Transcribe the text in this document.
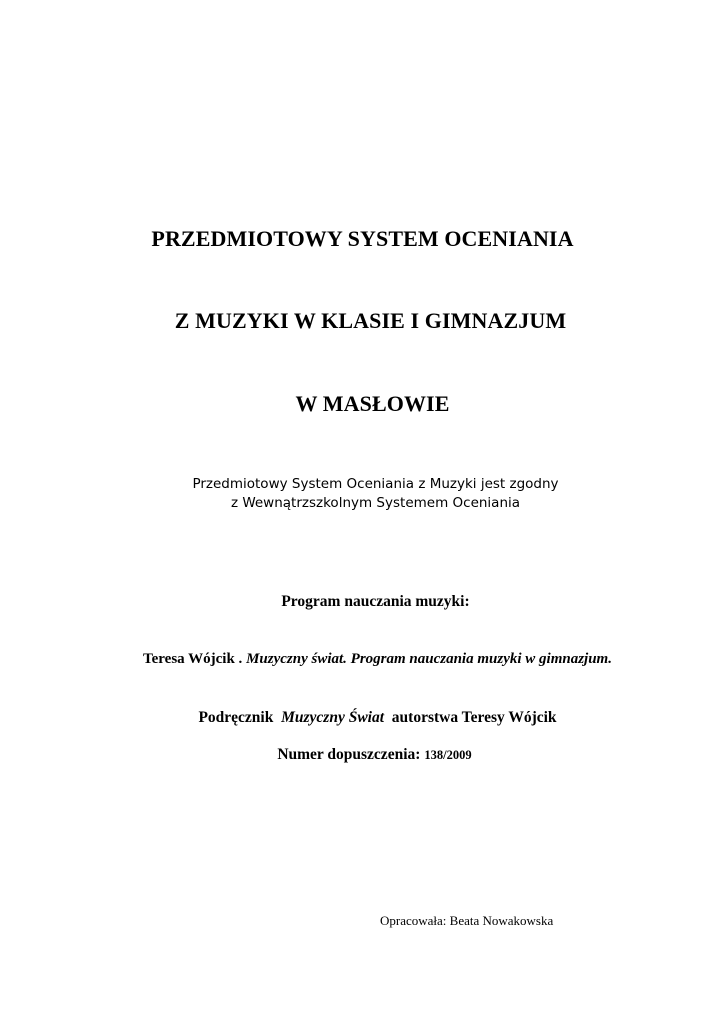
PRZEDMIOTOWY SYSTEM OCENIANIA
Z MUZYKI W KLASIE I GIMNAZJUM
W MASŁOWIE
Przedmiotowy System Oceniania z Muzyki jest zgodny
z Wewnątrzszkolnym Systemem Oceniania
Program nauczania muzyki:
Teresa Wójcik . Muzyczny świat. Program nauczania muzyki w gimnazjum.
Podręcznik Muzyczny Świat autorstwa Teresy Wójcik
Numer dopuszczenia: 138/2009
Opracowała: Beata Nowakowska
